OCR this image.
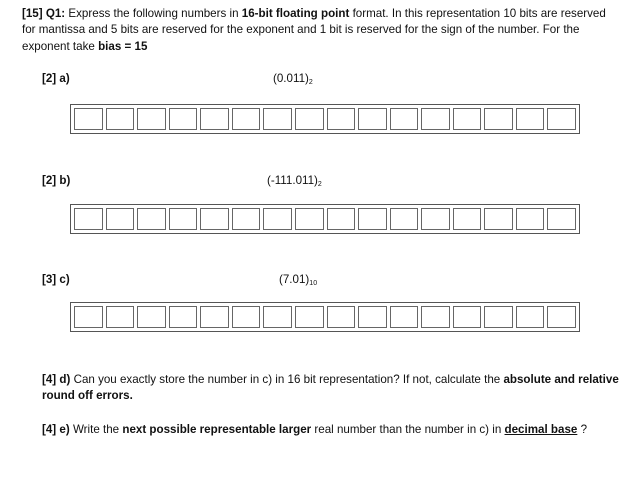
[15] Q1: Express the following numbers in 16-bit floating point format. In this representation 10 bits are reserved for mantissa and 5 bits are reserved for the exponent and 1 bit is reserved for the sign of the number. For the exponent take bias = 15
[2] a)	$(0.011)_2$
[2] b)	$(-111.011)_2$
[3] c)	$(7.01)_{10}$
[4] d) Can you exactly store the number in c) in 16 bit representation? If not, calculate the absolute and relative round off errors.
[4] e) Write the next possible representable larger real number than the number in c) in decimal base ?
